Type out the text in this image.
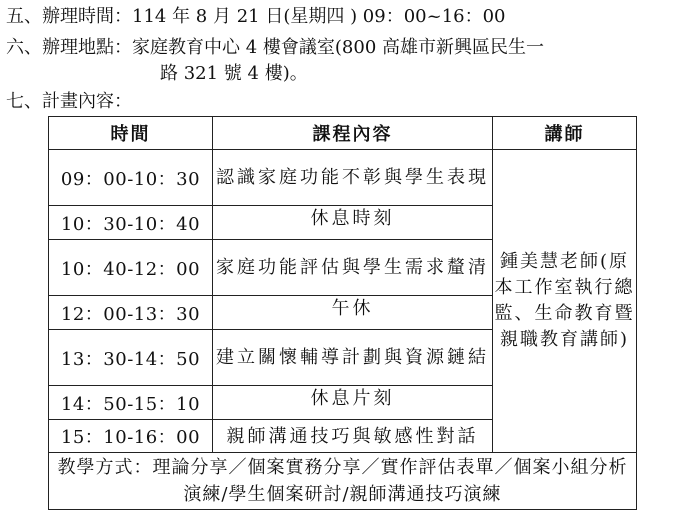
五、辦理時間：114 年 8 月 21 日(星期四 ) 09：00~16：00
六、辦理地點：家庭教育中心 4 樓會議室(800 高雄市新興區民生一
路 321 號 4 樓)。
七、計畫內容：
時間	課程內容	講師
09：00-10：30	認識家庭功能不彰與學生表現	鍾美慧老師(原本工作室執行總監、生命教育暨親職教育講師)
10：30-10：40	休息時刻	
10：40-12：00	家庭功能評估與學生需求釐清	
12：00-13：30	午休	
13：30-14：50	建立關懷輔導計劃與資源鏈結	
14：50-15：10	休息片刻	
15：10-16：00	親師溝通技巧與敏感性對話	
教學方式：理論分享／個案實務分享／實作評估表單／個案小組分析演練/學生個案研討/親師溝通技巧演練		
